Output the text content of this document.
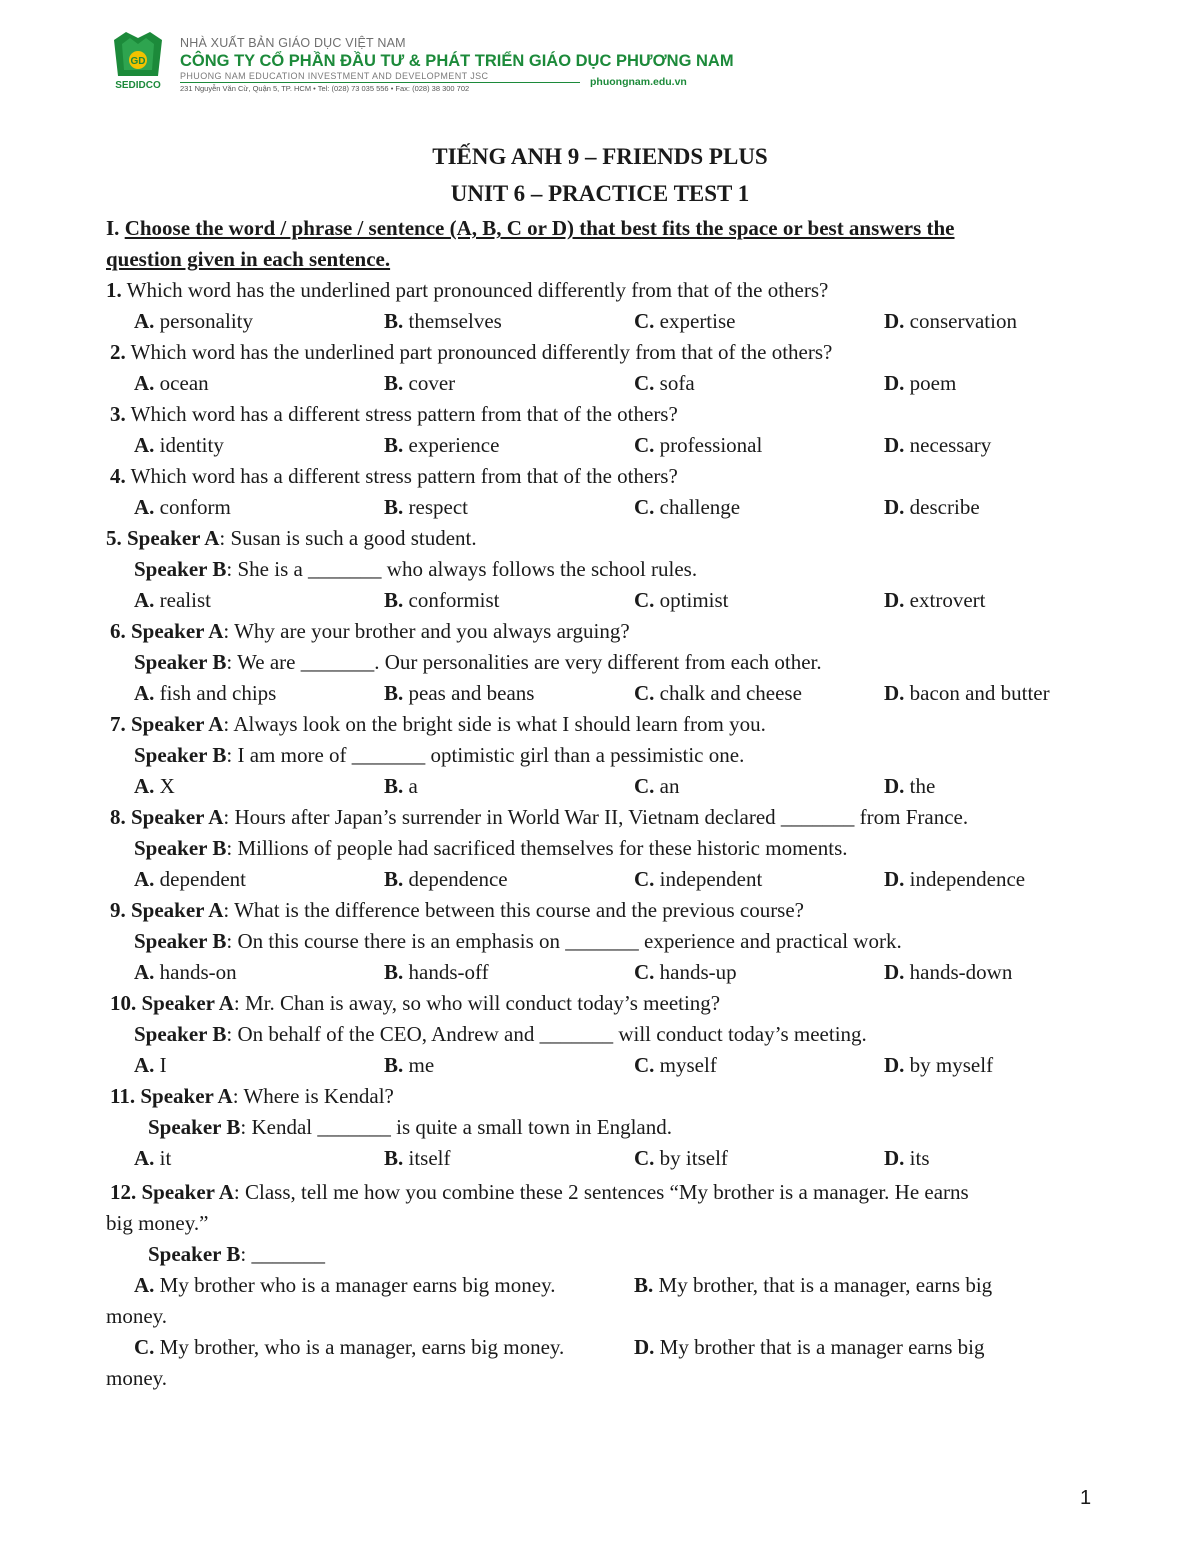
GD
SEDIDCO
NHÀ XUẤT BẢN GIÁO DỤC VIỆT NAM
CÔNG TY CỔ PHẦN ĐẦU TƯ & PHÁT TRIỂN GIÁO DỤC PHƯƠNG NAM
PHUONG NAM EDUCATION INVESTMENT AND DEVELOPMENT JSC
231 Nguyễn Văn Cừ, Quận 5, TP. HCM • Tel: (028) 73 035 556 • Fax: (028) 38 300 702
phuongnam.edu.vn
TIẾNG ANH 9 – FRIENDS PLUS
UNIT 6 – PRACTICE TEST 1
I. Choose the word / phrase / sentence (A, B, C or D) that best fits the space or best answers the
question given in each sentence.
1. Which word has the underlined part pronounced differently from that of the others?
A. personality	B. themselves	C. expertise	D. conservation
2. Which word has the underlined part pronounced differently from that of the others?
A. ocean	B. cover	C. sofa	D. poem
3. Which word has a different stress pattern from that of the others?
A. identity	B. experience	C. professional	D. necessary
4. Which word has a different stress pattern from that of the others?
A. conform	B. respect	C. challenge	D. describe
5. Speaker A: Susan is such a good student.
Speaker B: She is a _______ who always follows the school rules.
A. realist	B. conformist	C. optimist	D. extrovert
6. Speaker A: Why are your brother and you always arguing?
Speaker B: We are _______. Our personalities are very different from each other.
A. fish and chips	B. peas and beans	C. chalk and cheese	D. bacon and butter
7. Speaker A: Always look on the bright side is what I should learn from you.
Speaker B: I am more of _______ optimistic girl than a pessimistic one.
A. X	B. a	C. an	D. the
8. Speaker A: Hours after Japan’s surrender in World War II, Vietnam declared _______ from France.
Speaker B: Millions of people had sacrificed themselves for these historic moments.
A. dependent	B. dependence	C. independent	D. independence
9. Speaker A: What is the difference between this course and the previous course?
Speaker B: On this course there is an emphasis on _______ experience and practical work.
A. hands-on	B. hands-off	C. hands-up	D. hands-down
10. Speaker A: Mr. Chan is away, so who will conduct today’s meeting?
Speaker B: On behalf of the CEO, Andrew and _______ will conduct today’s meeting.
A. I	B. me	C. myself	D. by myself
11. Speaker A: Where is Kendal?
Speaker B: Kendal _______ is quite a small town in England.
A. it	B. itself	C. by itself	D. its
12. Speaker A: Class, tell me how you combine these 2 sentences “My brother is a manager. He earns
big money.”
Speaker B: _______
A. My brother who is a manager earns big money.	B. My brother, that is a manager, earns big
money.
C. My brother, who is a manager, earns big money.	D. My brother that is a manager earns big
money.
1
